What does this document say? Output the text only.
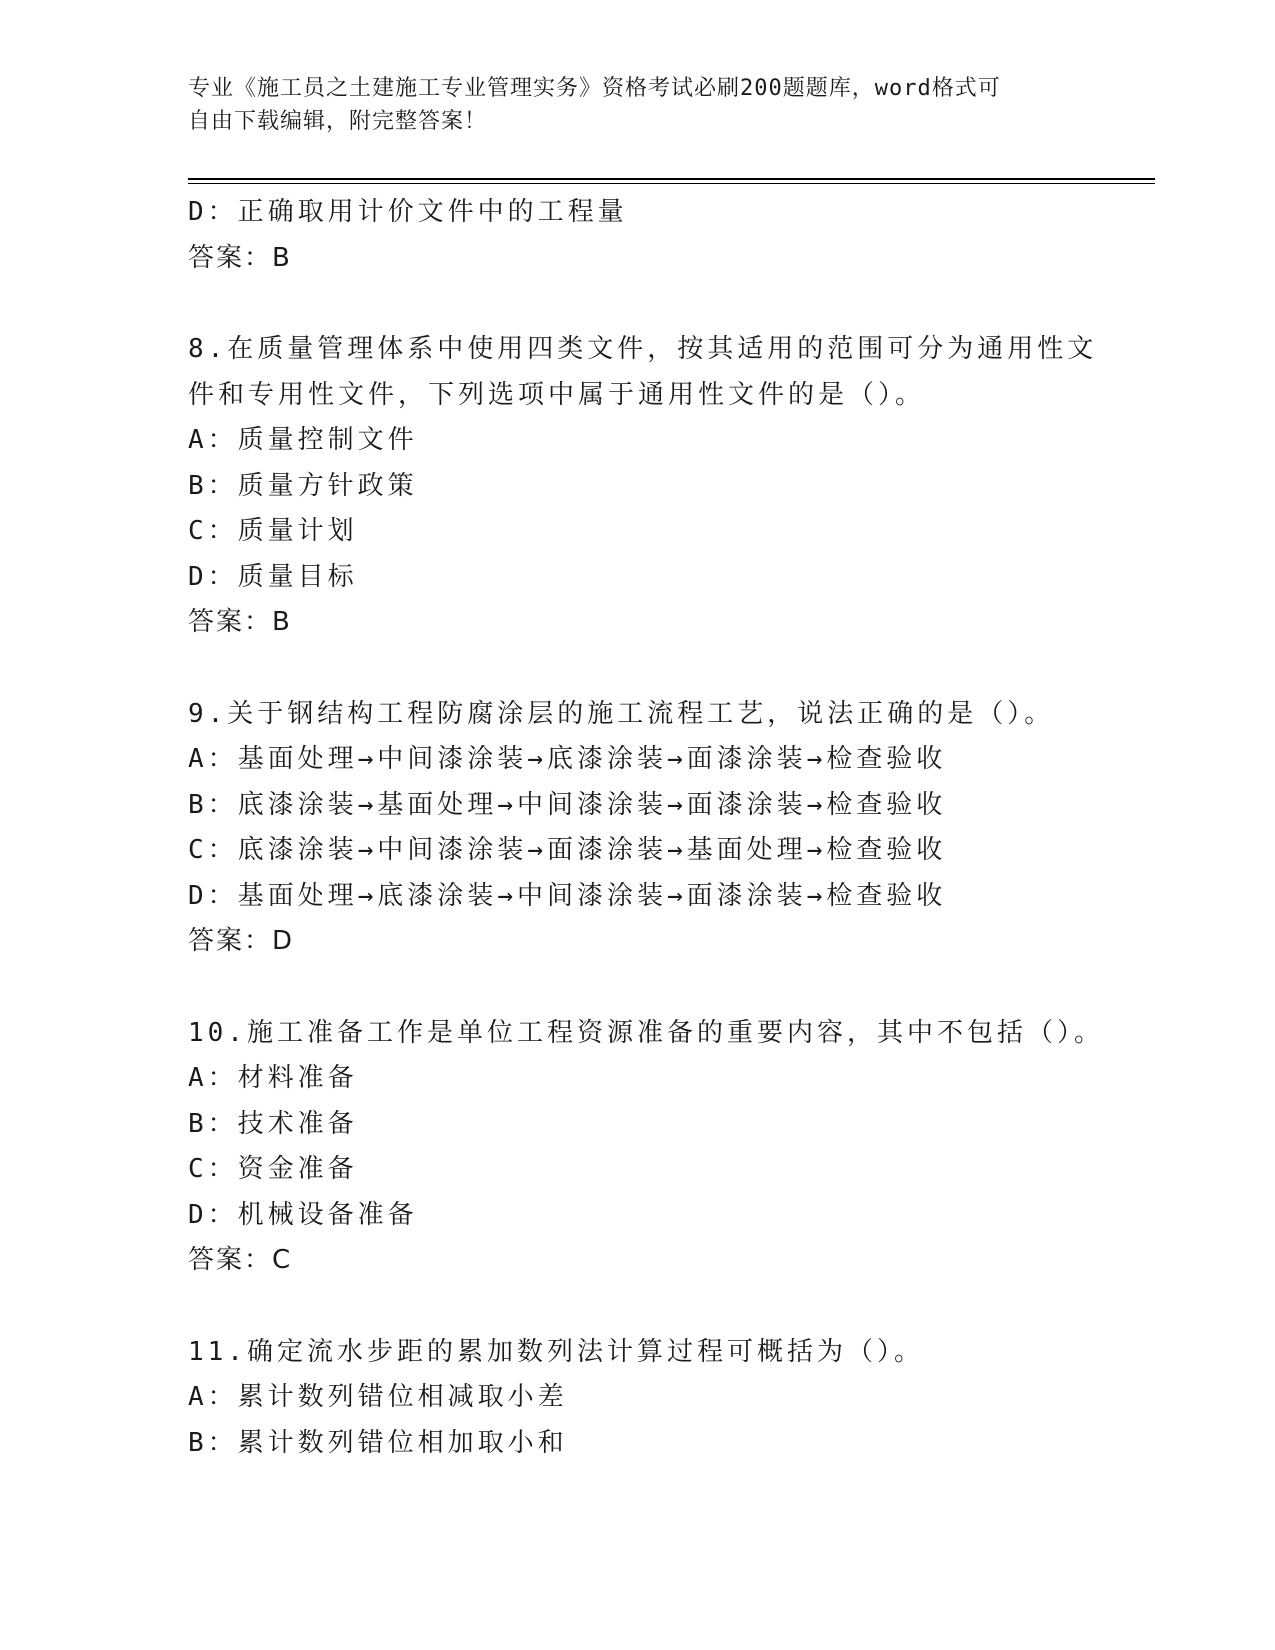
专业《施工员之土建施工专业管理实务》资格考试必刷200题题库，word格式可
自由下载编辑，附完整答案！
D：正确取用计价文件中的工程量
答案：B
8.在质量管理体系中使用四类文件，按其适用的范围可分为通用性文
件和专用性文件，下列选项中属于通用性文件的是（）。
A：质量控制文件
B：质量方针政策
C：质量计划
D：质量目标
答案：B
9.关于钢结构工程防腐涂层的施工流程工艺，说法正确的是（）。
A：基面处理→中间漆涂装→底漆涂装→面漆涂装→检查验收
B：底漆涂装→基面处理→中间漆涂装→面漆涂装→检查验收
C：底漆涂装→中间漆涂装→面漆涂装→基面处理→检查验收
D：基面处理→底漆涂装→中间漆涂装→面漆涂装→检查验收
答案：D
10.施工准备工作是单位工程资源准备的重要内容，其中不包括（）。
A：材料准备
B：技术准备
C：资金准备
D：机械设备准备
答案：C
11.确定流水步距的累加数列法计算过程可概括为（）。
A：累计数列错位相减取小差
B：累计数列错位相加取小和
